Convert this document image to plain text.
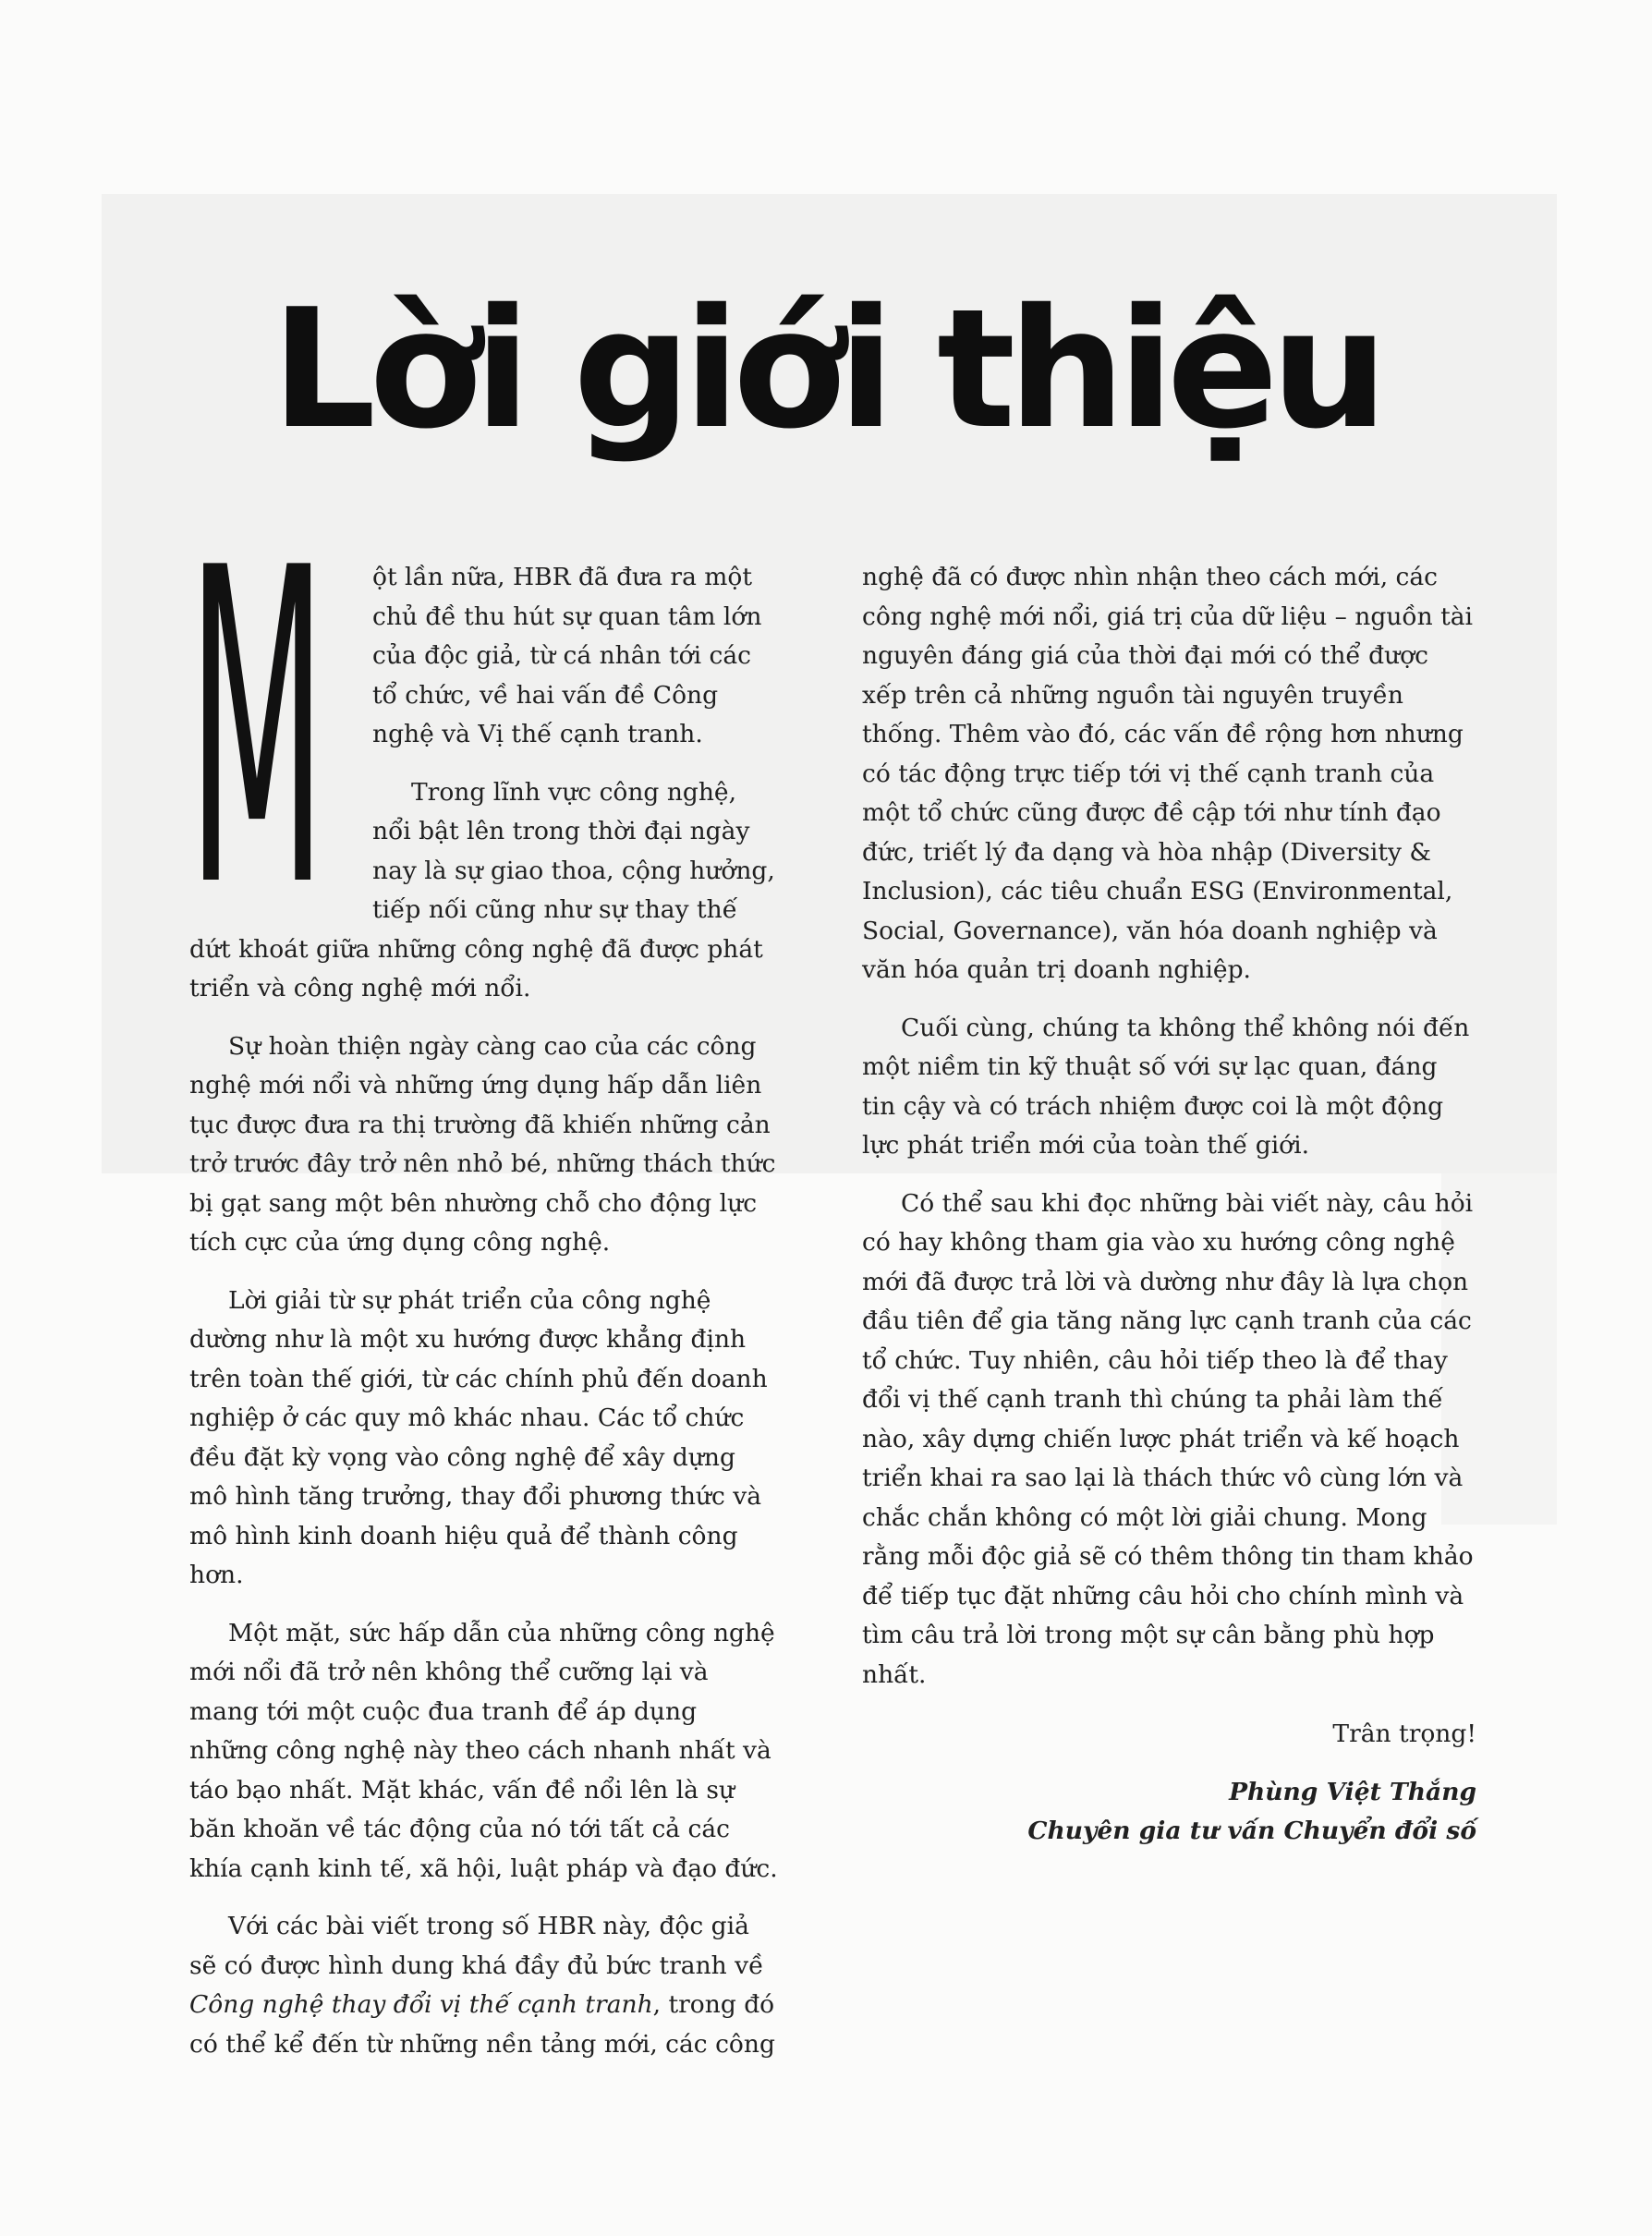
Lời giới thiệu

M ột lần nữa, HBR đã đưa ra một chủ đề thu hút sự quan tâm lớn của độc giả, từ cá nhân tới các tổ chức, về hai vấn đề Công nghệ và Vị thế cạnh tranh.

Trong lĩnh vực công nghệ, nổi bật lên trong thời đại ngày nay là sự giao thoa, cộng hưởng, tiếp nối cũng như sự thay thế dứt khoát giữa những công nghệ đã được phát triển và công nghệ mới nổi.

Sự hoàn thiện ngày càng cao của các công nghệ mới nổi và những ứng dụng hấp dẫn liên tục được đưa ra thị trường đã khiến những cản trở trước đây trở nên nhỏ bé, những thách thức bị gạt sang một bên nhường chỗ cho động lực tích cực của ứng dụng công nghệ.

Lời giải từ sự phát triển của công nghệ dường như là một xu hướng được khẳng định trên toàn thế giới, từ các chính phủ đến doanh nghiệp ở các quy mô khác nhau. Các tổ chức đều đặt kỳ vọng vào công nghệ để xây dựng mô hình tăng trưởng, thay đổi phương thức và mô hình kinh doanh hiệu quả để thành công hơn.

Một mặt, sức hấp dẫn của những công nghệ mới nổi đã trở nên không thể cưỡng lại và mang tới một cuộc đua tranh để áp dụng những công nghệ này theo cách nhanh nhất và táo bạo nhất. Mặt khác, vấn đề nổi lên là sự băn khoăn về tác động của nó tới tất cả các khía cạnh kinh tế, xã hội, luật pháp và đạo đức.

Với các bài viết trong số HBR này, độc giả sẽ có được hình dung khá đầy đủ bức tranh về Công nghệ thay đổi vị thế cạnh tranh, trong đó có thể kể đến từ những nền tảng mới, các công

nghệ đã có được nhìn nhận theo cách mới, các công nghệ mới nổi, giá trị của dữ liệu – nguồn tài nguyên đáng giá của thời đại mới có thể được xếp trên cả những nguồn tài nguyên truyền thống. Thêm vào đó, các vấn đề rộng hơn nhưng có tác động trực tiếp tới vị thế cạnh tranh của một tổ chức cũng được đề cập tới như tính đạo đức, triết lý đa dạng và hòa nhập (Diversity & Inclusion), các tiêu chuẩn ESG (Environmental, Social, Governance), văn hóa doanh nghiệp và văn hóa quản trị doanh nghiệp.

Cuối cùng, chúng ta không thể không nói đến một niềm tin kỹ thuật số với sự lạc quan, đáng tin cậy và có trách nhiệm được coi là một động lực phát triển mới của toàn thế giới.

Có thể sau khi đọc những bài viết này, câu hỏi có hay không tham gia vào xu hướng công nghệ mới đã được trả lời và dường như đây là lựa chọn đầu tiên để gia tăng năng lực cạnh tranh của các tổ chức. Tuy nhiên, câu hỏi tiếp theo là để thay đổi vị thế cạnh tranh thì chúng ta phải làm thế nào, xây dựng chiến lược phát triển và kế hoạch triển khai ra sao lại là thách thức vô cùng lớn và chắc chắn không có một lời giải chung. Mong rằng mỗi độc giả sẽ có thêm thông tin tham khảo để tiếp tục đặt những câu hỏi cho chính mình và tìm câu trả lời trong một sự cân bằng phù hợp nhất.

Trân trọng!

Phùng Việt Thắng

Chuyên gia tư vấn Chuyển đổi số
